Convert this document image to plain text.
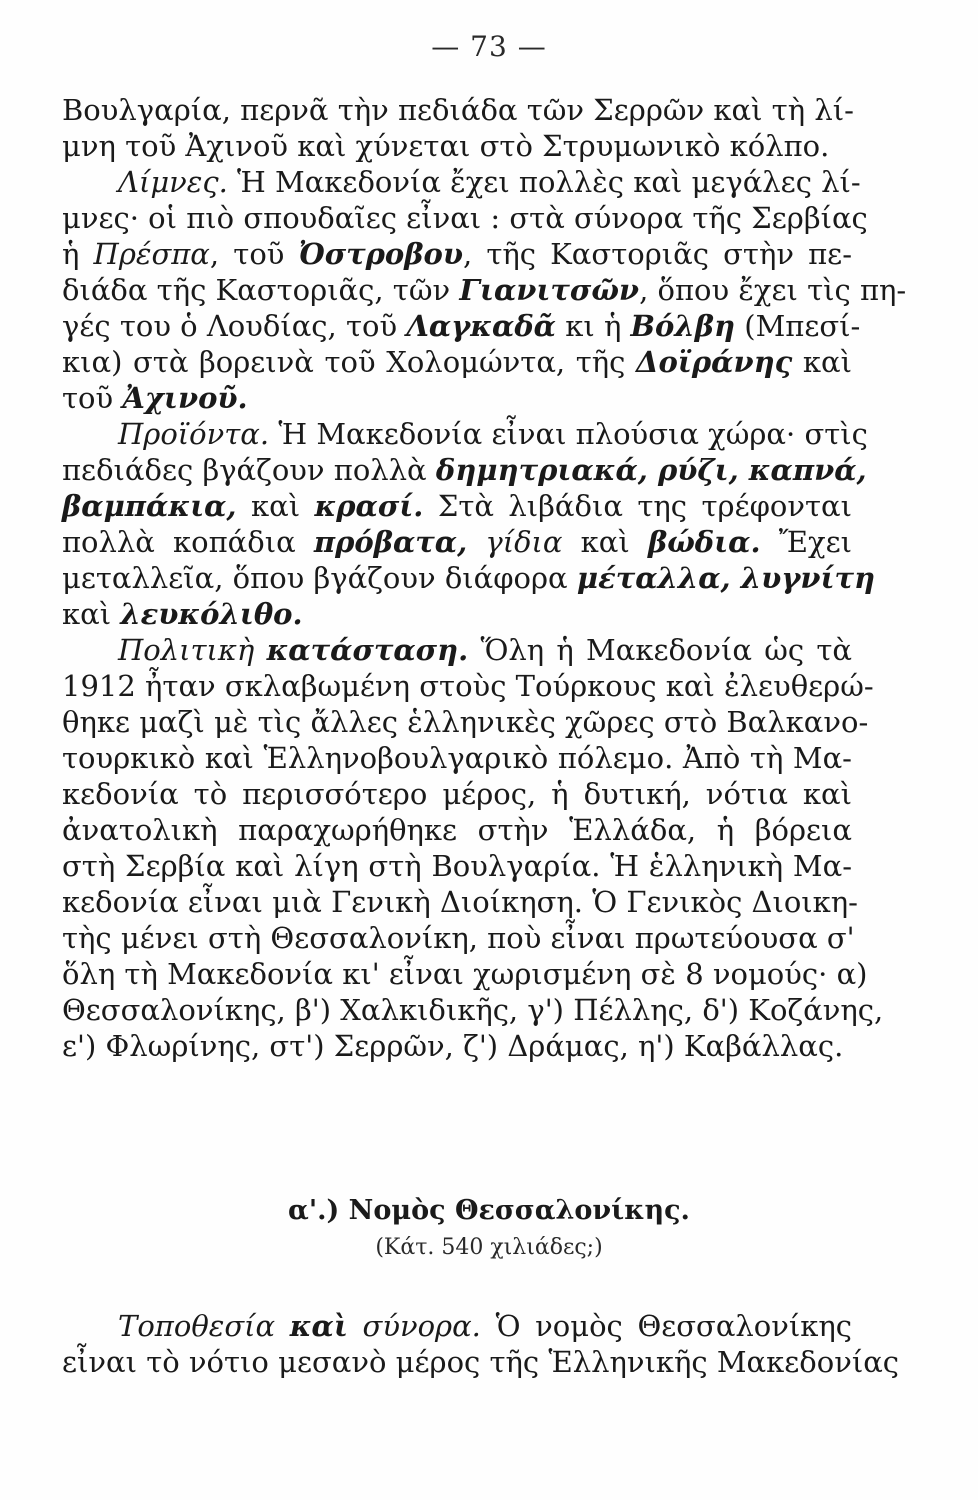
— 73 —
Βουλγαρία, περνᾶ τὴν πεδιάδα τῶν Σερρῶν καὶ τὴ λί-
μνη τοῦ Ἀχινοῦ καὶ χύνεται στὸ Στρυμωνικὸ κόλπο.
Λίμνες. Ἡ Μακεδονία ἔχει πολλὲς καὶ μεγάλες λί-
μνες· οἱ πιὸ σπουδαῖες εἶναι : στὰ σύνορα τῆς Σερβίας
ἡ Πρέσπα, τοῦ Ὀστροβου, τῆς Καστοριᾶς στὴν πε-
διάδα τῆς Καστοριᾶς, τῶν Γιανιτσῶν, ὅπου ἔχει τὶς πη-
γές του ὁ Λουδίας, τοῦ Λαγκαδᾶ κι ἡ Βόλβη (Μπεσί-
κια) στὰ βορεινὰ τοῦ Χολομώντα, τῆς Δοϊράνης καὶ
τοῦ Ἀχινοῦ.
Προϊόντα. Ἡ Μακεδονία εἶναι πλούσια χώρα· στὶς
πεδιάδες βγάζουν πολλὰ δημητριακά, ρύζι, καπνά,
βαμπάκια, καὶ κρασί. Στὰ λιβάδια της τρέφονται
πολλὰ κοπάδια πρόβατα, γίδια καὶ βώδια. Ἔχει
μεταλλεῖα, ὅπου βγάζουν διάφορα μέταλλα, λυγνίτη
καὶ λευκόλιθο.
Πολιτικὴ κατάσταση. Ὅλη ἡ Μακεδονία ὡς τὰ
1912 ἦταν σκλαβωμένη στοὺς Τούρκους καὶ ἐλευθερώ-
θηκε μαζὶ μὲ τὶς ἄλλες ἑλληνικὲς χῶρες στὸ Βαλκανο-
τουρκικὸ καὶ Ἑλληνοβουλγαρικὸ πόλεμο. Ἀπὸ τὴ Μα-
κεδονία τὸ περισσότερο μέρος, ἡ δυτική, νότια καὶ
ἀνατολικὴ παραχωρήθηκε στὴν Ἑλλάδα, ἡ βόρεια
στὴ Σερβία καὶ λίγη στὴ Βουλγαρία. Ἡ ἑλληνικὴ Μα-
κεδονία εἶναι μιὰ Γενικὴ Διοίκηση. Ὁ Γενικὸς Διοικη-
τὴς μένει στὴ Θεσσαλονίκη, ποὺ εἶναι πρωτεύουσα σ'
ὅλη τὴ Μακεδονία κι' εἶναι χωρισμένη σὲ 8 νομούς· α)
Θεσσαλονίκης, β') Χαλκιδικῆς, γ') Πέλλης, δ') Κοζάνης,
ε') Φλωρίνης, στ') Σερρῶν, ζ') Δράμας, η') Καβάλλας.
α'.) Νομὸς Θεσσαλονίκης.
(Κάτ. 540 χιλιάδες;)
Τοποθεσία καὶ σύνορα. Ὁ νομὸς Θεσσαλονίκης
εἶναι τὸ νότιο μεσανὸ μέρος τῆς Ἑλληνικῆς Μακεδονίας
